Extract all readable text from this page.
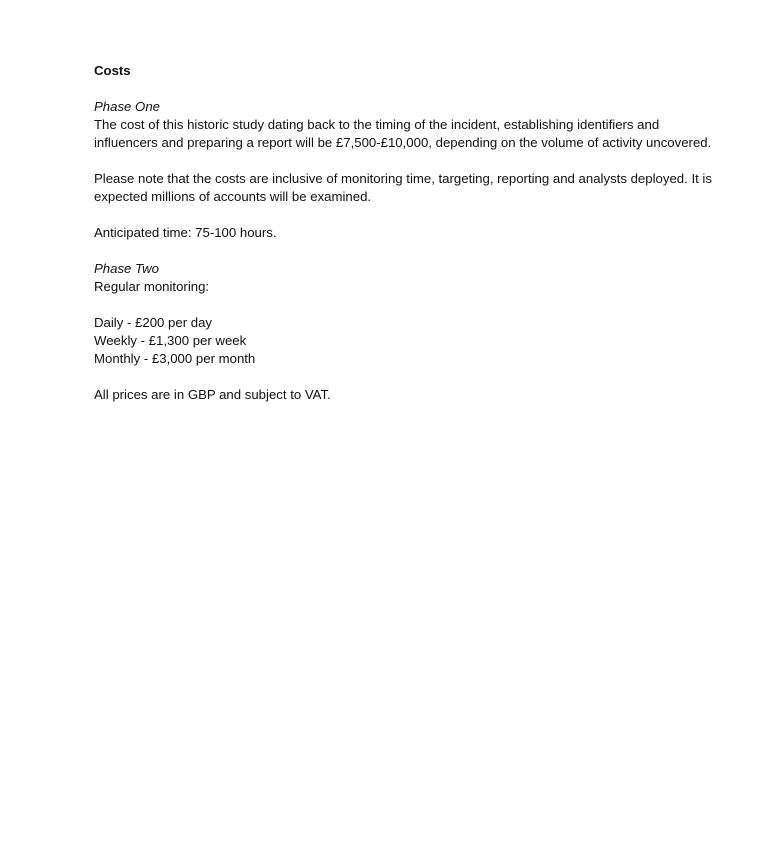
Costs

Phase One

The cost of this historic study dating back to the timing of the incident, establishing identifiers and influencers and preparing a report will be £7,500-£10,000, depending on the volume of activity uncovered.

Please note that the costs are inclusive of monitoring time, targeting, reporting and analysts deployed. It is expected millions of accounts will be examined.

Anticipated time: 75-100 hours.

Phase Two

Regular monitoring:

Daily - £200 per day
Weekly - £1,300 per week
Monthly - £3,000 per month

All prices are in GBP and subject to VAT.
